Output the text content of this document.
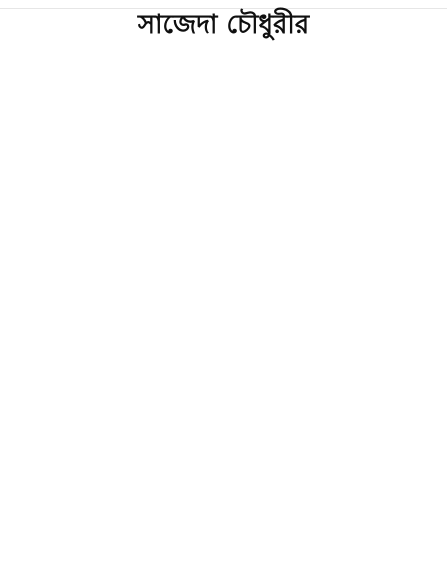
সাজেদা চৌধুরীর
